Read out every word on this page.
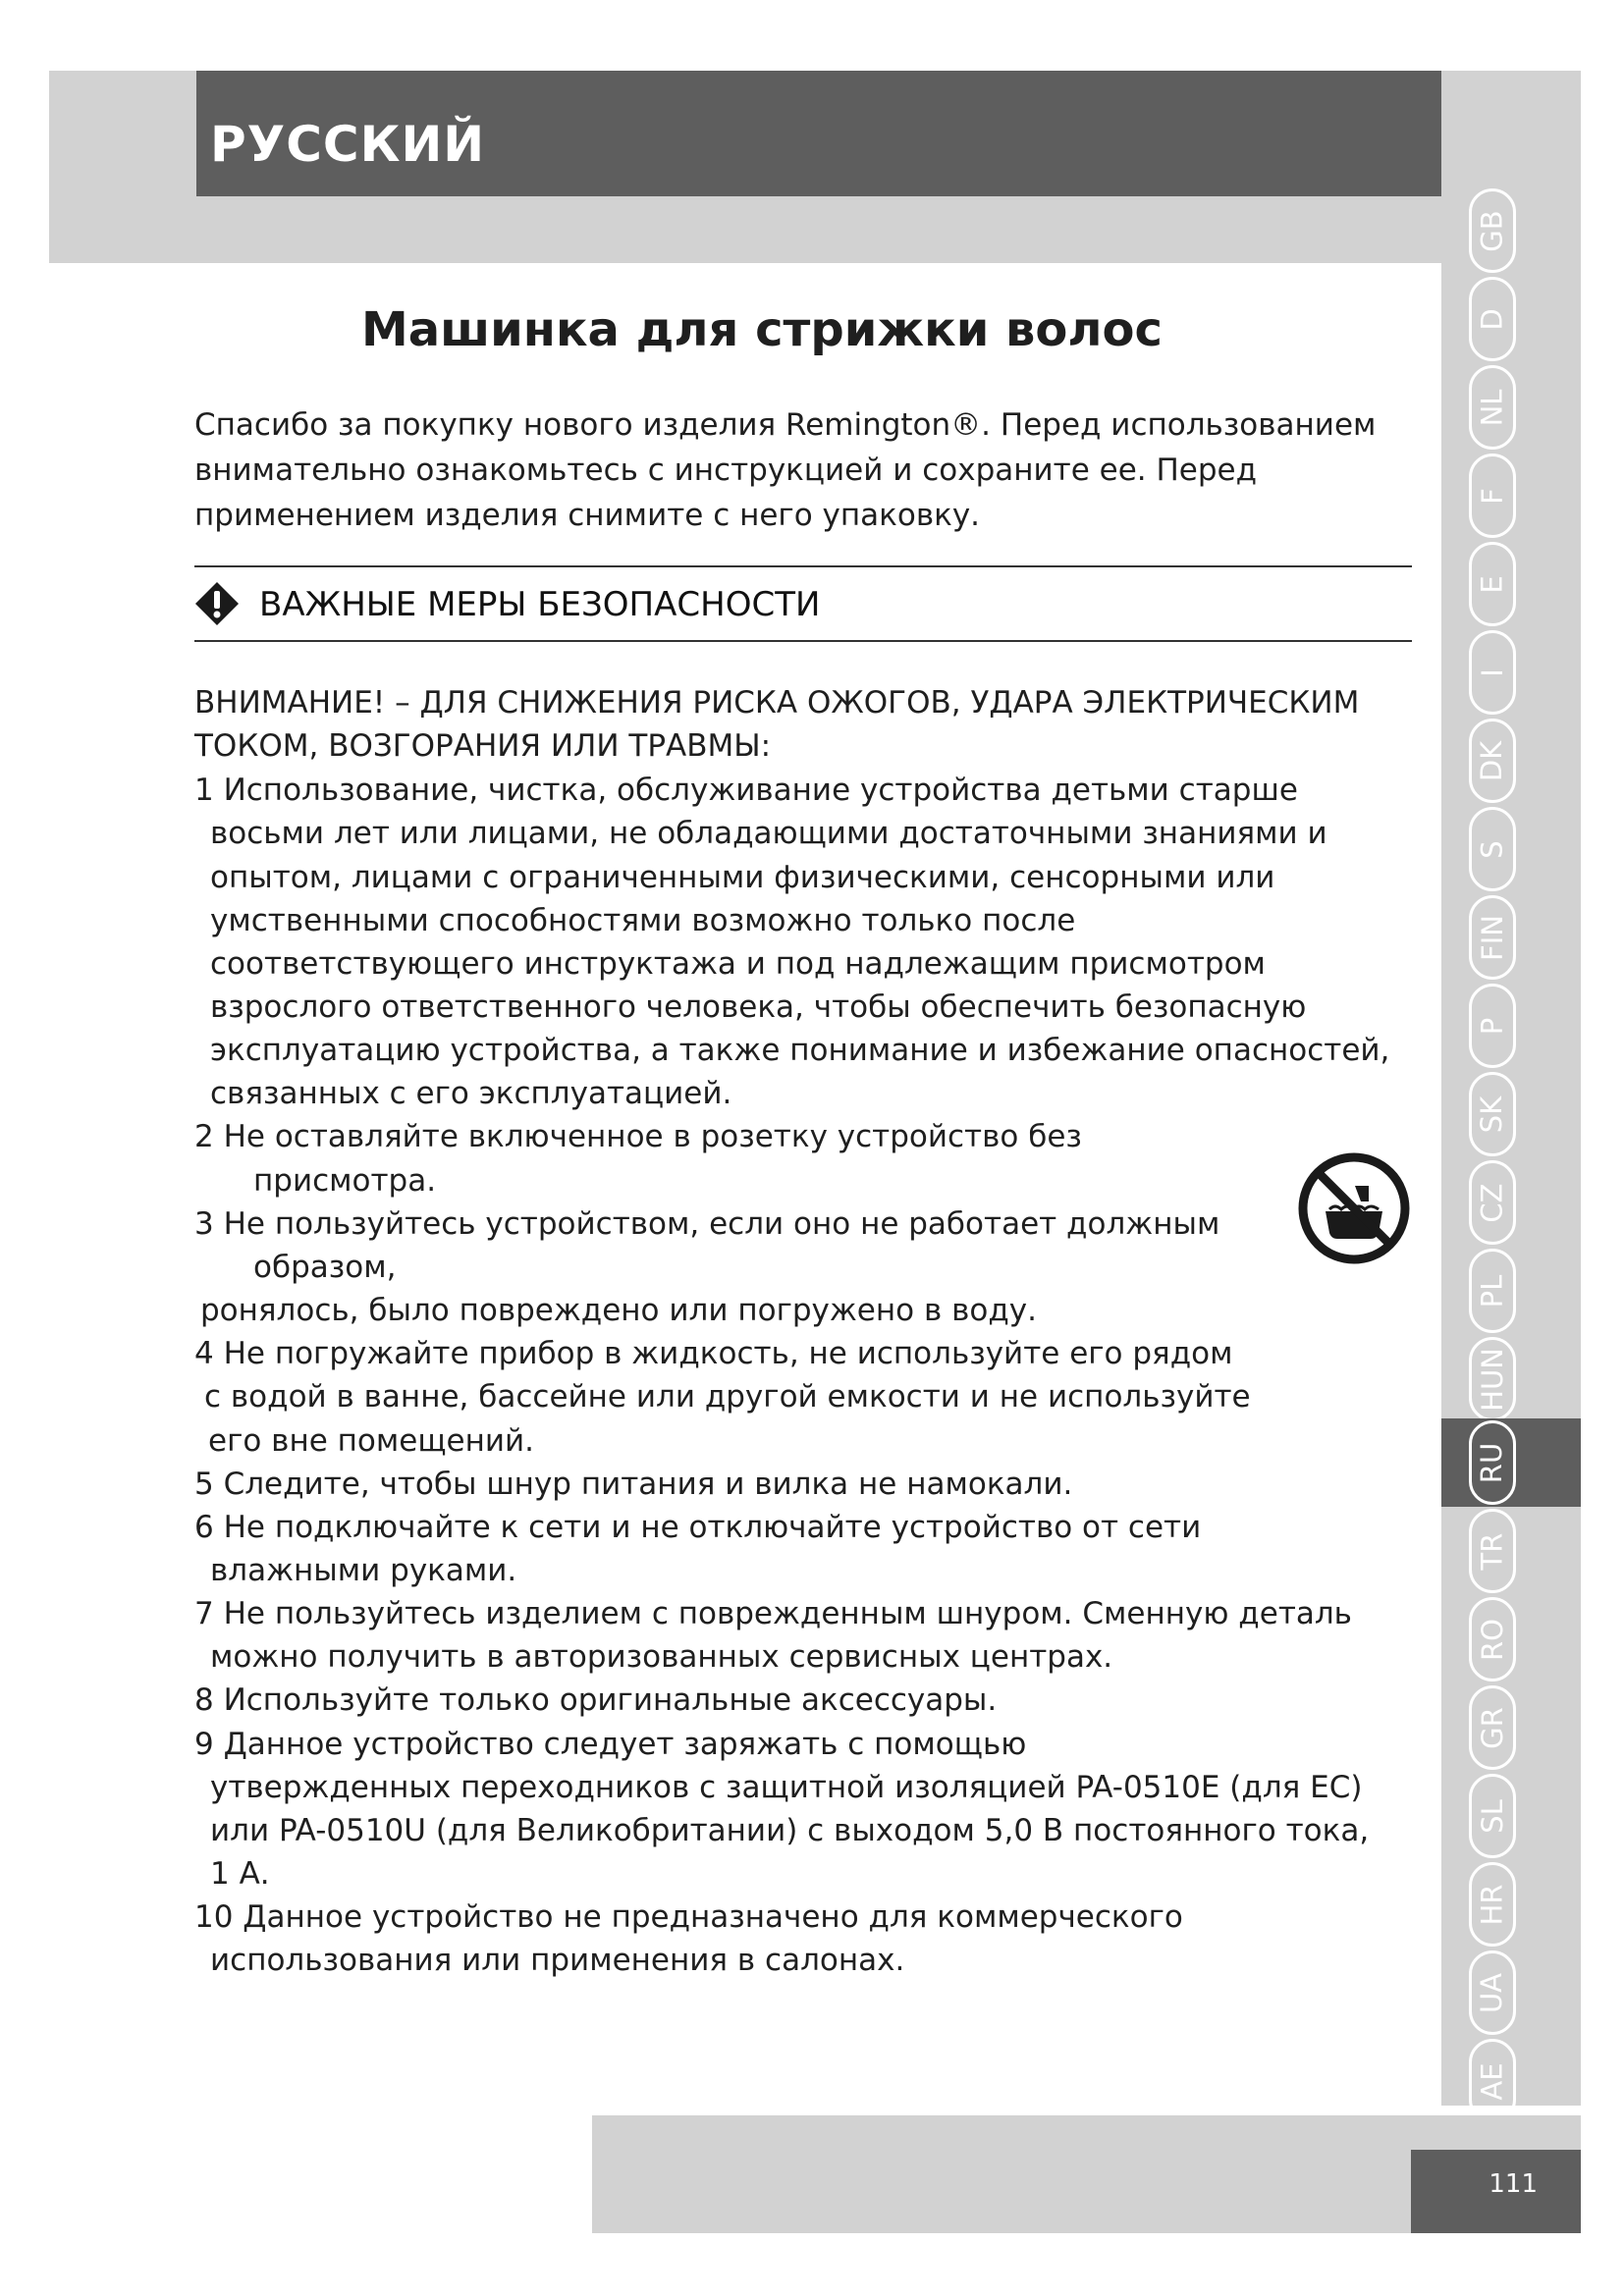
РУССКИЙ
GB
D
NL
F
E
I
DK
S
FIN
P
SK
CZ
PL
HUN
RU
TR
RO
GR
SL
HR
UA
AE
Машинка для стрижки волос
Спасибо за покупку нового изделия Remington®. Перед использованием внимательно ознакомьтесь с инструкцией и сохраните ее. Перед применением изделия снимите с него упаковку.
ВАЖНЫЕ МЕРЫ БЕЗОПАСНОСТИ
ВНИМАНИЕ! – ДЛЯ СНИЖЕНИЯ РИСКА ОЖОГОВ, УДАРА ЭЛЕКТРИЧЕСКИМ ТОКОМ, ВОЗГОРАНИЯ ИЛИ ТРАВМЫ:
1 Использование, чистка, обслуживание устройства детьми старше
восьми лет или лицами, не обладающими достаточными знаниями и
опытом, лицами с ограниченными физическими, сенсорными или
умственными способностями возможно только после
соответствующего инструктажа и под надлежащим присмотром
взрослого ответственного человека, чтобы обеспечить безопасную
эксплуатацию устройства, а также понимание и избежание опасностей,
связанных с его эксплуатацией.
2 Не оставляйте включенное в розетку устройство без
присмотра.
3 Не пользуйтесь устройством, если оно не работает должным
образом,
ронялось, было повреждено или погружено в воду.
4 Не погружайте прибор в жидкость, не используйте его рядом
с водой в ванне, бассейне или другой емкости и не используйте
его вне помещений.
5 Следите, чтобы шнур питания и вилка не намокали.
6 Не подключайте к сети и не отключайте устройство от сети
влажными руками.
7 Не пользуйтесь изделием с поврежденным шнуром. Сменную деталь
можно получить в авторизованных сервисных центрах.
8 Используйте только оригинальные аксессуары.
9 Данное устройство следует заряжать с помощью
утвержденных переходников с защитной изоляцией PA-0510E (для ЕС)
или PA-0510U (для Великобритании) с выходом 5,0 В постоянного тока,
1 А.
10 Данное устройство не предназначено для коммерческого
использования или применения в салонах.
111
